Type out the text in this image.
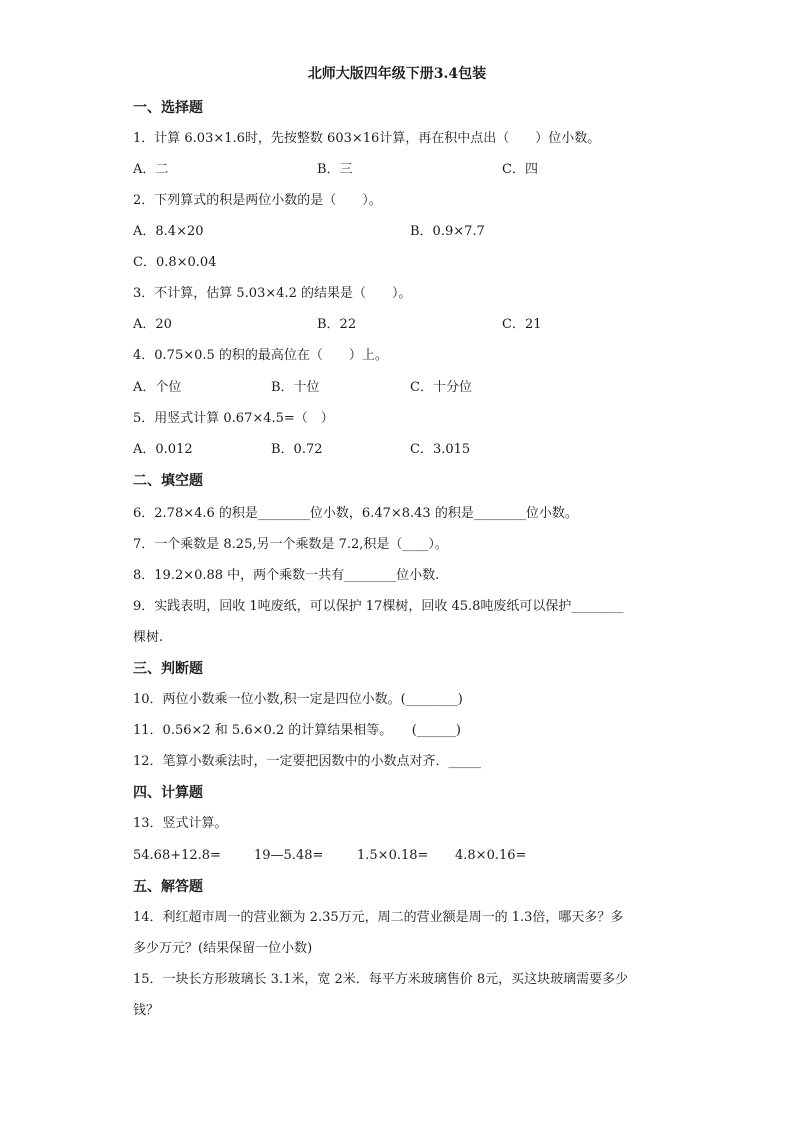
北师大版四年级下册3.4包装
一、选择题
1．计算 6.03×1.6时，先按整数 603×16计算，再在积中点出（　　）位小数。
A．二	B．三	C．四
2．下列算式的积是两位小数的是（　　）。
A．8.4×20	B．0.9×7.7
C．0.8×0.04
3．不计算，估算 5.03×4.2 的结果是（　　）。
A．20	B．22	C．21
4．0.75×0.5 的积的最高位在（　　）上。
A．个位	B．十位	C．十分位
5．用竖式计算 0.67×4.5=（　）
A．0.012	B．0.72	C．3.015
二、填空题
6．2.78×4.6 的积是________位小数，6.47×8.43 的积是________位小数。
7．一个乘数是 8.25,另一个乘数是 7.2,积是（____）。
8．19.2×0.88 中，两个乘数一共有________位小数.
9．实践表明，回收 1吨废纸，可以保护 17棵树，回收 45.8吨废纸可以保护________
棵树.
三、判断题
10．两位小数乘一位小数,积一定是四位小数。(________)
11．0.56×2 和 5.6×0.2 的计算结果相等。　　(______)
12．笔算小数乘法时，一定要把因数中的小数点对齐．_____
四、计算题
13．竖式计算。
54.68+12.8=	19—5.48=	1.5×0.18= 4.8×0.16=
五、解答题
14．利红超市周一的营业额为 2.35万元，周二的营业额是周一的 1.3倍，哪天多？多
多少万元？(结果保留一位小数)
15．一块长方形玻璃长 3.1米，宽 2米．每平方米玻璃售价 8元，买这块玻璃需要多少
钱？
